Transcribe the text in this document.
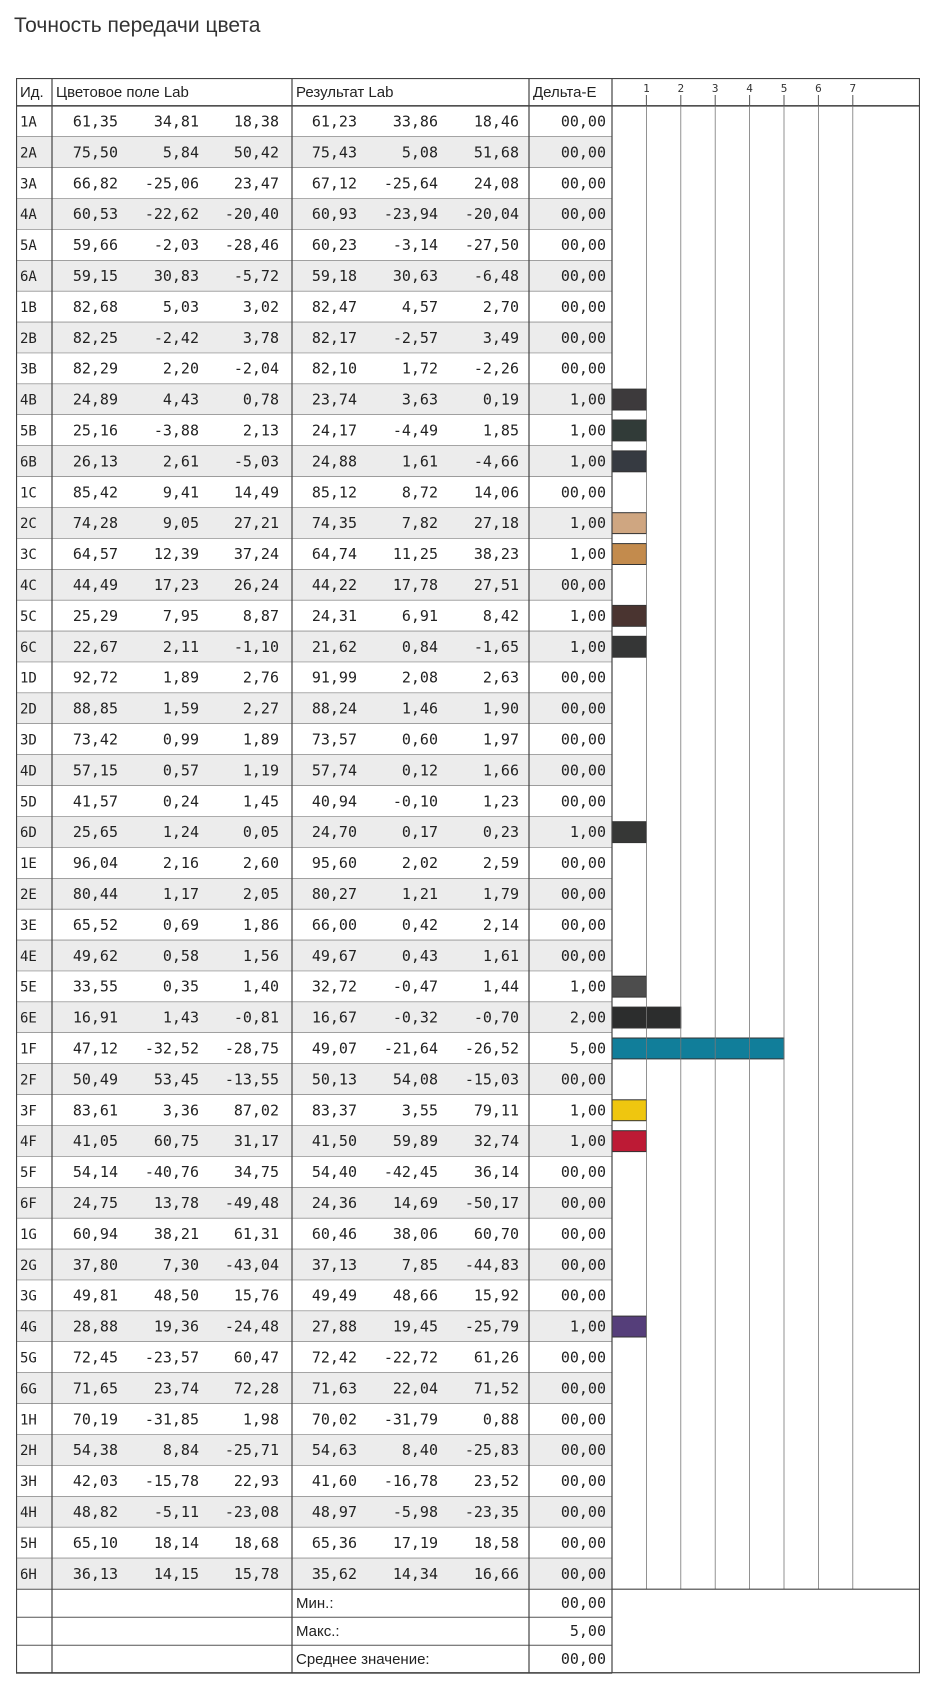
Точность передачи цвета
Ид. Цветовое поле Lab	Результат Lab	Дельта-E	1	2	3	4	5	6	7
1A 61,35 34,81 18,38 61,23 33,86 18,46	00,00
2A 75,50	5,84 50,42 75,43	5,08 51,68	00,00
3A 66,82 -25,06 23,47 67,12 -25,64 24,08	00,00
4A 60,53 -22,62 -20,40 60,93 -23,94 -20,04	00,00
5A 59,66 -2,03 -28,46 60,23 -3,14 -27,50	00,00
6A 59,15 30,83 -5,72 59,18 30,63 -6,48	00,00
1B 82,68	5,03	3,02 82,47	4,57	2,70	00,00
2B 82,25 -2,42	3,78 82,17 -2,57	3,49	00,00
3B 82,29	2,20 -2,04 82,10	1,72 -2,26	00,00
4B 24,89	4,43	0,78 23,74	3,63	0,19	1,00
5B 25,16 -3,88	2,13 24,17 -4,49	1,85	1,00
6B 26,13	2,61 -5,03 24,88	1,61 -4,66	1,00
1C 85,42	9,41 14,49 85,12	8,72 14,06	00,00
2C 74,28	9,05 27,21 74,35	7,82 27,18	1,00
3C 64,57 12,39 37,24 64,74 11,25 38,23	1,00
4C 44,49 17,23 26,24 44,22 17,78 27,51	00,00
5C 25,29	7,95	8,87 24,31	6,91	8,42	1,00
6C 22,67	2,11 -1,10 21,62	0,84 -1,65	1,00
1D 92,72	1,89	2,76 91,99	2,08	2,63	00,00
2D 88,85	1,59	2,27 88,24	1,46	1,90	00,00
3D 73,42	0,99	1,89 73,57	0,60	1,97	00,00
4D 57,15	0,57	1,19 57,74	0,12	1,66	00,00
5D 41,57	0,24	1,45 40,94 -0,10	1,23	00,00
6D 25,65	1,24	0,05 24,70	0,17	0,23	1,00
1E 96,04	2,16	2,60 95,60	2,02	2,59	00,00
2E 80,44	1,17	2,05 80,27	1,21	1,79	00,00
3E 65,52	0,69	1,86 66,00	0,42	2,14	00,00
4E 49,62	0,58	1,56 49,67	0,43	1,61	00,00
5E 33,55	0,35	1,40 32,72 -0,47	1,44	1,00
6E 16,91	1,43 -0,81 16,67 -0,32 -0,70	2,00
1F 47,12 -32,52 -28,75 49,07 -21,64 -26,52	5,00
2F 50,49 53,45 -13,55 50,13 54,08 -15,03	00,00
3F 83,61	3,36 87,02 83,37	3,55 79,11	1,00
4F 41,05 60,75 31,17 41,50 59,89 32,74	1,00
5F 54,14 -40,76 34,75 54,40 -42,45 36,14	00,00
6F 24,75 13,78 -49,48 24,36 14,69 -50,17	00,00
1G 60,94 38,21 61,31 60,46 38,06 60,70	00,00
2G 37,80	7,30 -43,04 37,13	7,85 -44,83	00,00
3G 49,81 48,50 15,76 49,49 48,66 15,92	00,00
4G 28,88 19,36 -24,48 27,88 19,45 -25,79	1,00
5G 72,45 -23,57 60,47 72,42 -22,72 61,26	00,00
6G 71,65 23,74 72,28 71,63 22,04 71,52	00,00
1H 70,19 -31,85	1,98 70,02 -31,79	0,88	00,00
2H 54,38	8,84 -25,71 54,63	8,40 -25,83	00,00
3H 42,03 -15,78 22,93 41,60 -16,78 23,52	00,00
4H 48,82 -5,11 -23,08 48,97 -5,98 -23,35	00,00
5H 65,10 18,14 18,68 65,36 17,19 18,58	00,00
6H 36,13 14,15 15,78 35,62 14,34 16,66	00,00
Мин.:	00,00
Макс.:	5,00
Среднее значение:	00,00
